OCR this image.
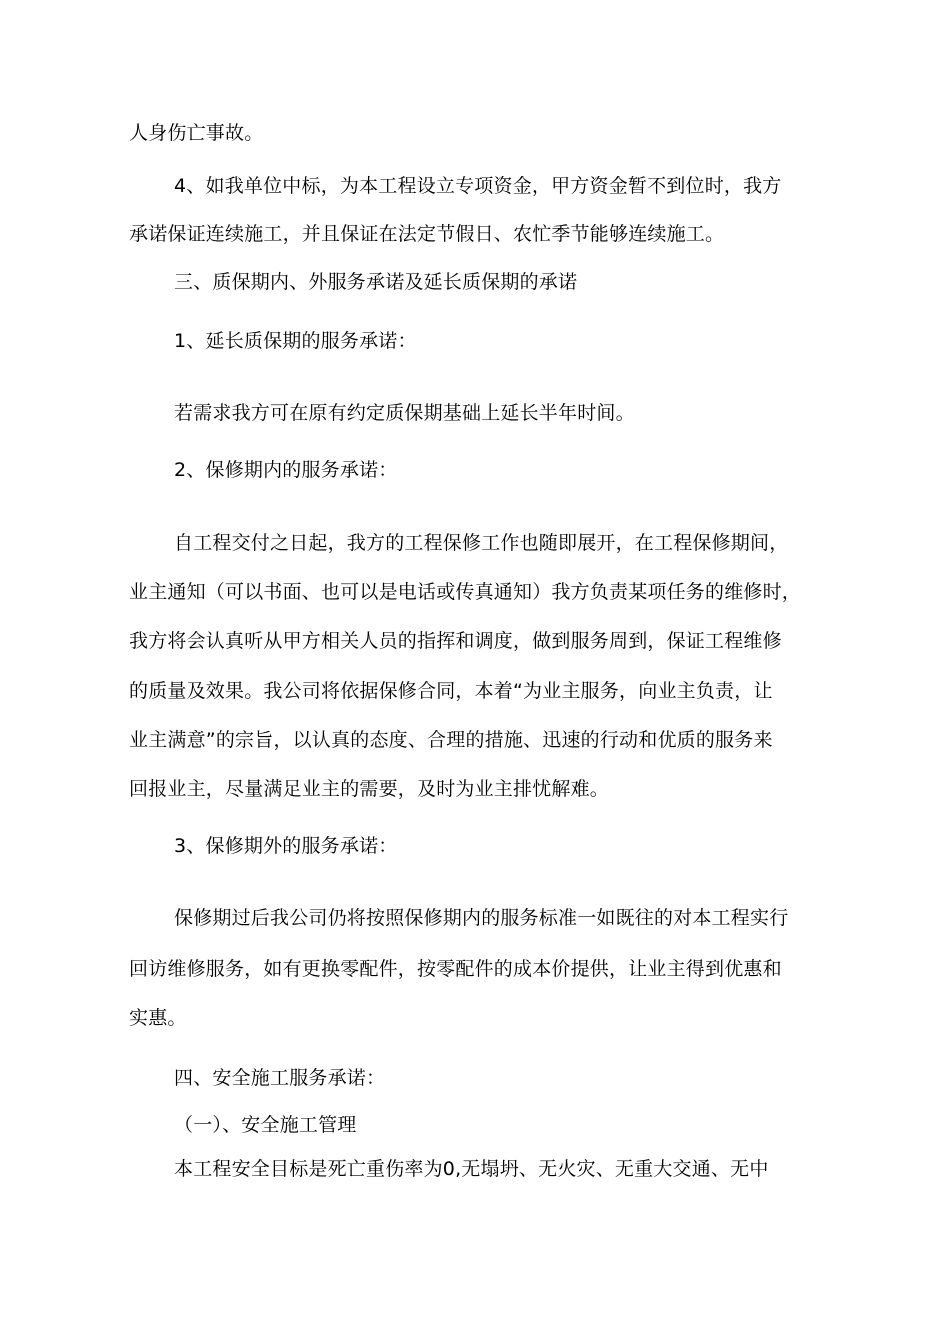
人身伤亡事故。
4、如我单位中标，为本工程设立专项资金，甲方资金暂不到位时，我方
承诺保证连续施工，并且保证在法定节假日、农忙季节能够连续施工。
三、质保期内、外服务承诺及延长质保期的承诺
1、延长质保期的服务承诺：
若需求我方可在原有约定质保期基础上延长半年时间。
2、保修期内的服务承诺：
自工程交付之日起，我方的工程保修工作也随即展开，在工程保修期间，
业主通知（可以书面、也可以是电话或传真通知）我方负责某项任务的维修时，
我方将会认真听从甲方相关人员的指挥和调度，做到服务周到，保证工程维修
的质量及效果。我公司将依据保修合同，本着“为业主服务，向业主负责，让
业主满意”的宗旨，以认真的态度、合理的措施、迅速的行动和优质的服务来
回报业主，尽量满足业主的需要，及时为业主排忧解难。
3、保修期外的服务承诺：
保修期过后我公司仍将按照保修期内的服务标准一如既往的对本工程实行
回访维修服务，如有更换零配件，按零配件的成本价提供，让业主得到优惠和
实惠。
四、安全施工服务承诺：
（一）、安全施工管理
本工程安全目标是死亡重伤率为0,无塌坍、无火灾、无重大交通、无中
